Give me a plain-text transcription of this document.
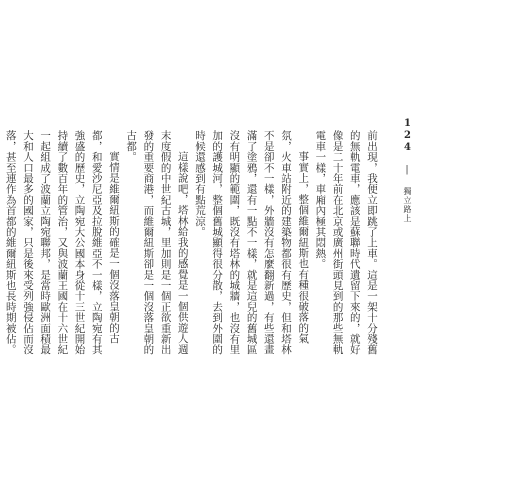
124 | 獨立路上

前出現，我便立即跳了上車。這是一架十分殘舊的無軌電車，應該是蘇聯時代遺留下來的，就好像是二十年前在北京或廣州街頭見到的那些無軌電車一樣，車廂內極其悶熱。

事實上，整個維爾紐斯也有種很破落的氣氛，火車站附近的建築物都很有歷史，但和塔林不是卻不一樣，外牆沒有怎麼翻新過，有些還畫滿了塗鴉，還有一點不一樣，就是這兒的舊城區沒有明顯的範圍，既沒有塔林的城牆，也沒有里加的護城河，整個舊城顯得很分散，去到外圍的時候還感到有點荒涼。

這樣說吧，塔林給我的感覺是一個供遊人週末度假的中世紀古城，里加則是一個正欲重新出發的重要商港，而維爾紐斯卻是一個沒落皇朝的古都。

實情是維爾紐斯的確是一個沒落皇朝的古都，和愛沙尼亞及拉脫維亞不一樣，立陶宛有其強盛的歷史，立陶宛大公國本身從十三世紀開始持續了數百年的管治，又與波蘭王國在十六世紀一起組成了波蘭立陶宛聯邦，是當時歐洲面積最大和人口最多的國家，只是後來受列強侵佔而沒落，甚至連作為首都的維爾紐斯也長時期被佔。
